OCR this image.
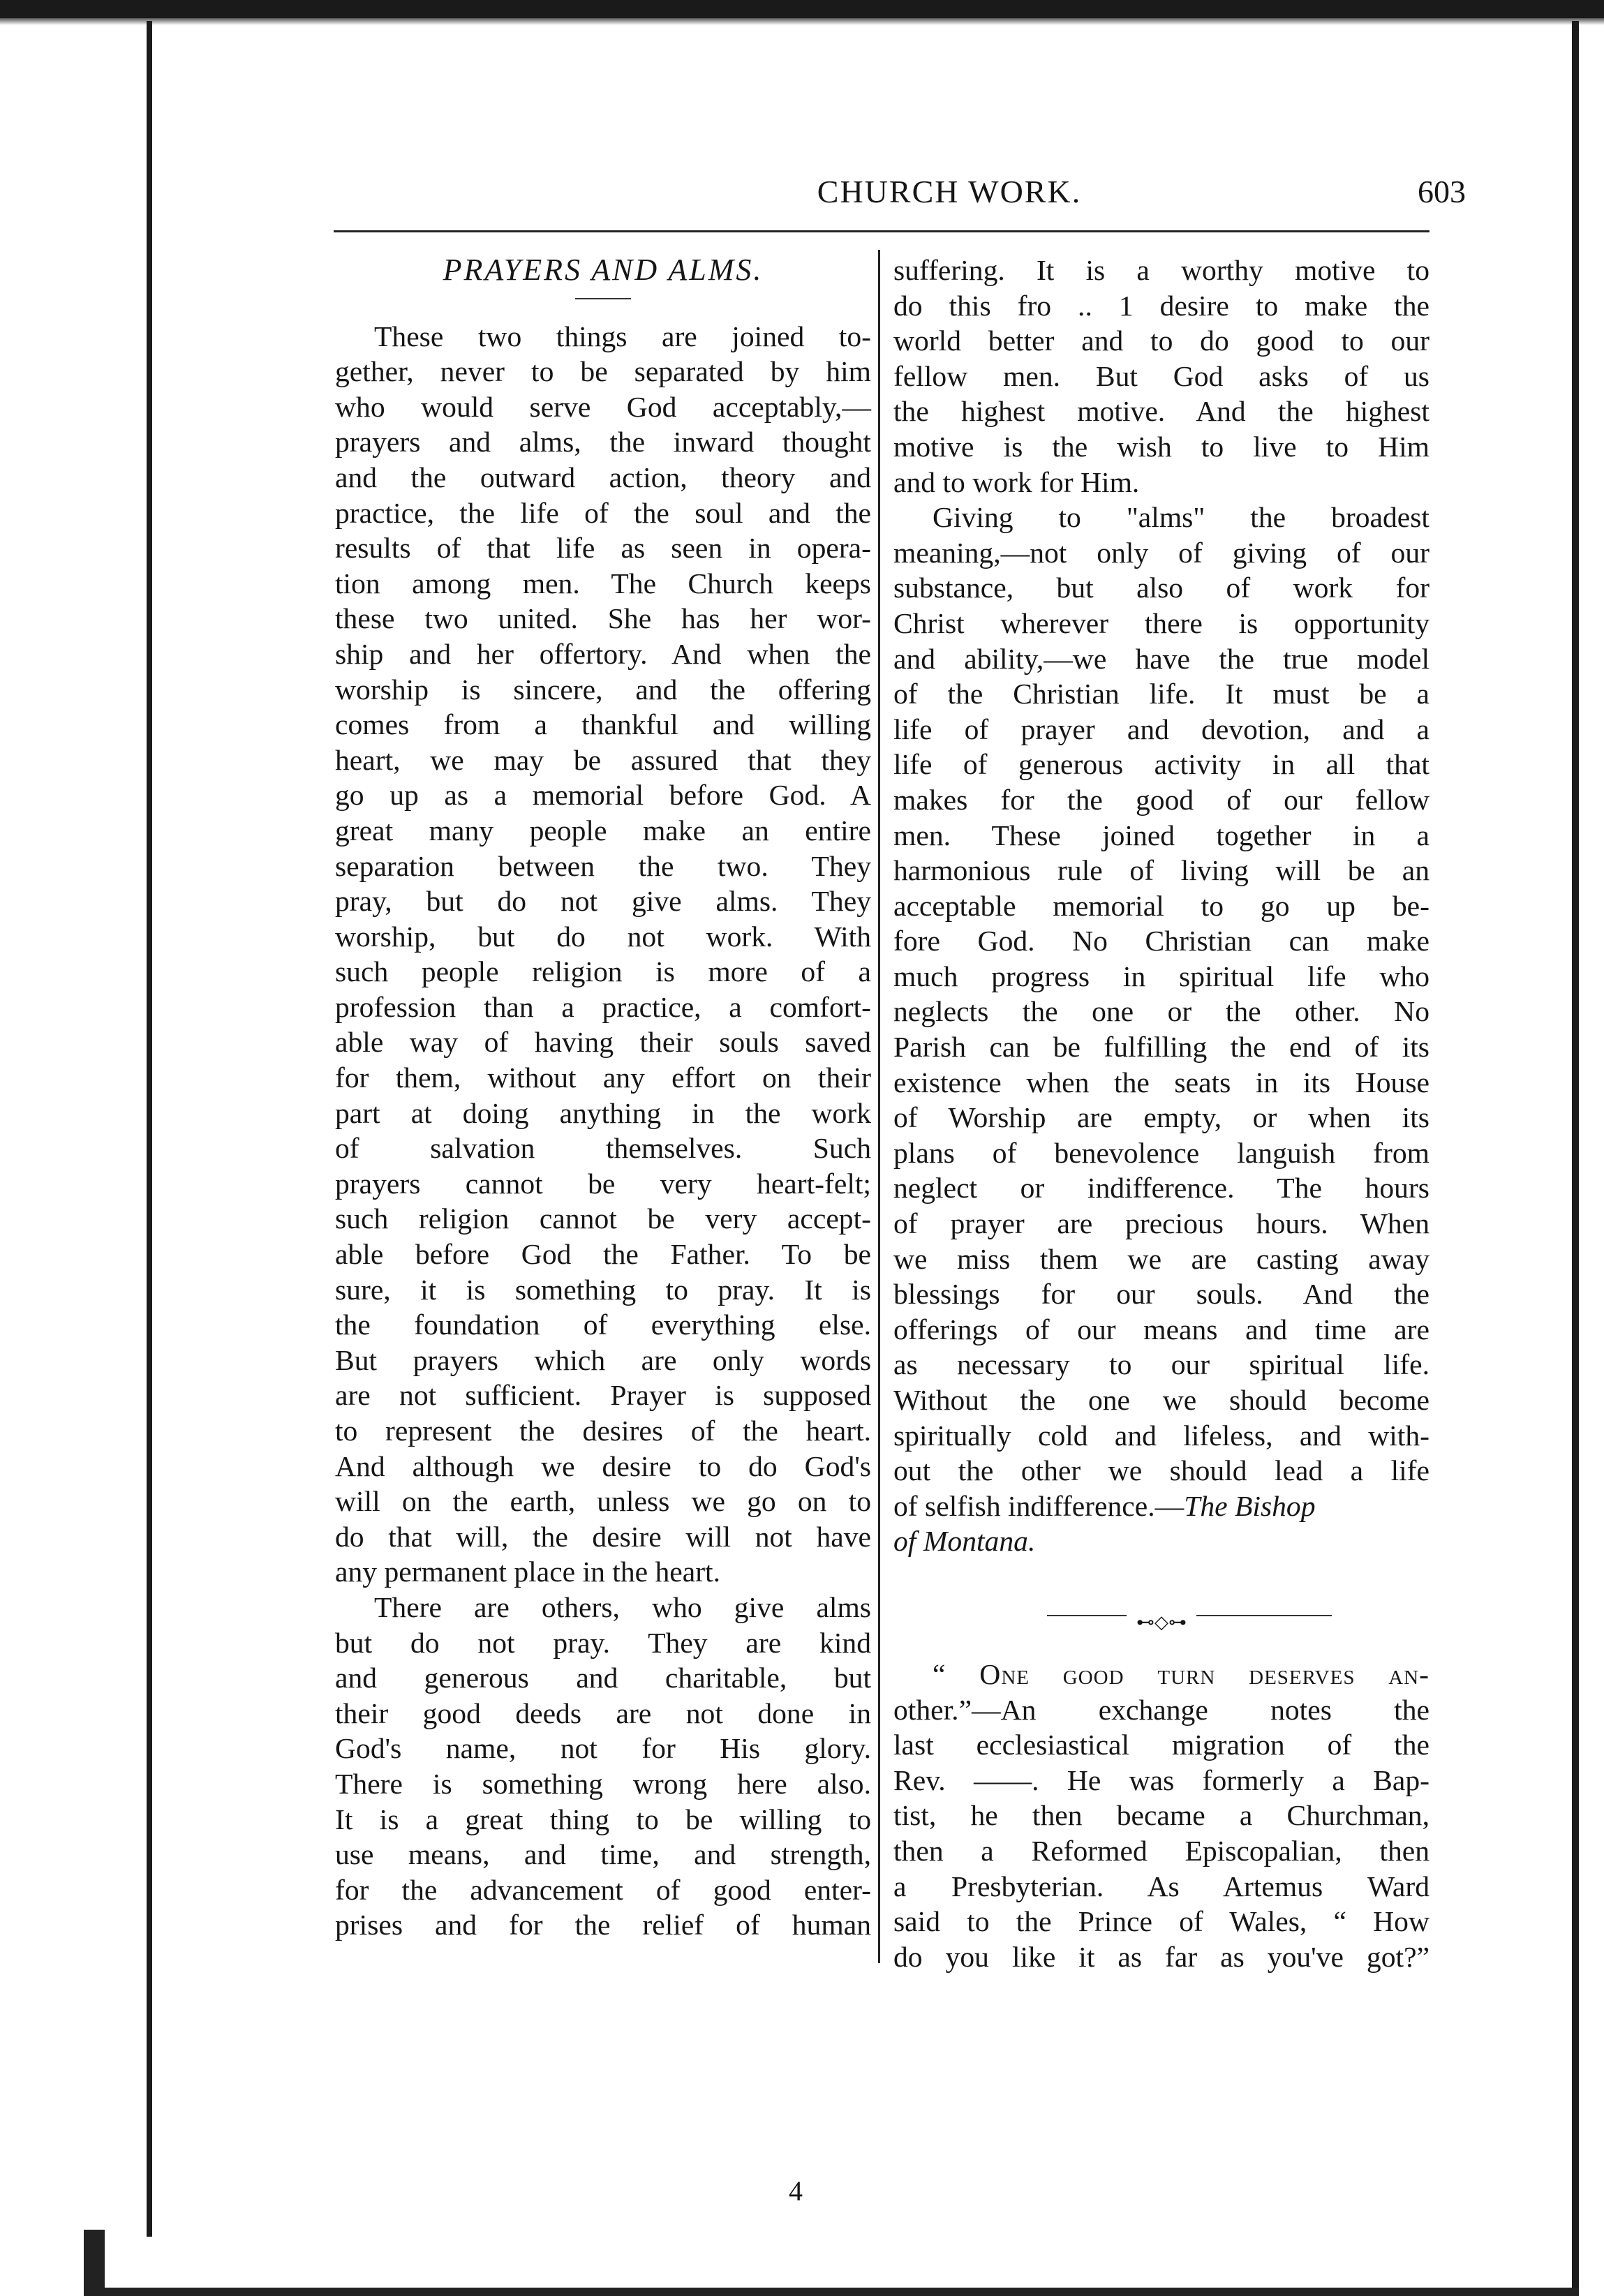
CHURCH WORK.	603
PRAYERS AND ALMS.
These two things are joined to-
gether, never to be separated by him
who would serve God acceptably,—
prayers and alms, the inward thought
and the outward action, theory and
practice, the life of the soul and the
results of that life as seen in opera-
tion among men. The Church keeps
these two united. She has her wor-
ship and her offertory. And when the
worship is sincere, and the offering
comes from a thankful and willing
heart, we may be assured that they
go up as a memorial before God. A
great many people make an entire
separation between the two. They
pray, but do not give alms. They
worship, but do not work. With
such people religion is more of a
profession than a practice, a comfort-
able way of having their souls saved
for them, without any effort on their
part at doing anything in the work
of salvation themselves. Such
prayers cannot be very heart-felt;
such religion cannot be very accept-
able before God the Father. To be
sure, it is something to pray. It is
the foundation of everything else.
But prayers which are only words
are not sufficient. Prayer is supposed
to represent the desires of the heart.
And although we desire to do God's
will on the earth, unless we go on to
do that will, the desire will not have
any permanent place in the heart.
There are others, who give alms
but do not pray. They are kind
and generous and charitable, but
their good deeds are not done in
God's name, not for His glory.
There is something wrong here also.
It is a great thing to be willing to
use means, and time, and strength,
for the advancement of good enter-
prises and for the relief of human
suffering. It is a worthy motive to
do this fro .. 1 desire to make the
world better and to do good to our
fellow men. But God asks of us
the highest motive. And the highest
motive is the wish to live to Him
and to work for Him.
Giving to "alms" the broadest
meaning,—not only of giving of our
substance, but also of work for
Christ wherever there is opportunity
and ability,—we have the true model
of the Christian life. It must be a
life of prayer and devotion, and a
life of generous activity in all that
makes for the good of our fellow
men. These joined together in a
harmonious rule of living will be an
acceptable memorial to go up be-
fore God. No Christian can make
much progress in spiritual life who
neglects the one or the other. No
Parish can be fulfilling the end of its
existence when the seats in its House
of Worship are empty, or when its
plans of benevolence languish from
neglect or indifference. The hours
of prayer are precious hours. When
we miss them we are casting away
blessings for our souls. And the
offerings of our means and time are
as necessary to our spiritual life.
Without the one we should become
spiritually cold and lifeless, and with-
out the other we should lead a life
of selfish indifference.—The Bishop
of Montana.
⊷◇⊶
“ One good turn deserves an-
other.”—An exchange notes the
last ecclesiastical migration of the
Rev. ——. He was formerly a Bap-
tist, he then became a Churchman,
then a Reformed Episcopalian, then
a Presbyterian. As Artemus Ward
said to the Prince of Wales, “ How
do you like it as far as you've got?”
4
